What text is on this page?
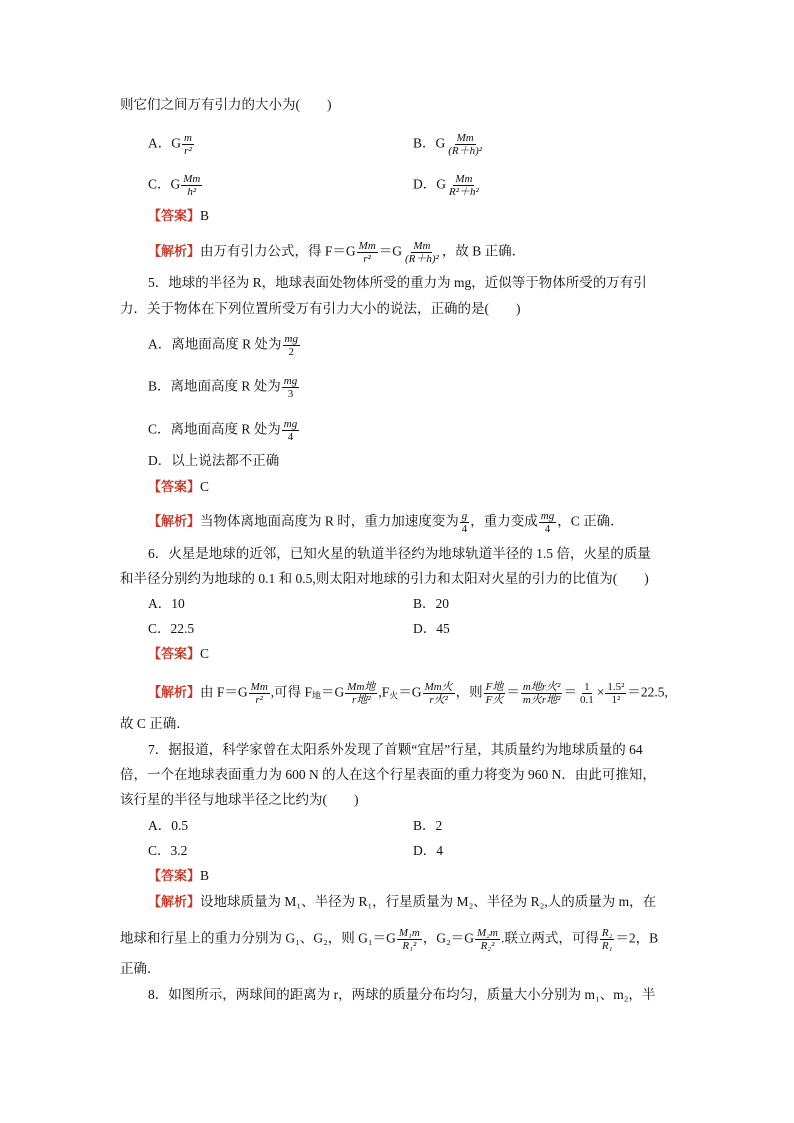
则它们之间万有引力的大小为(　　)
A．G $\frac{m}{\text{r²}}$	B．G $\frac{Mm}{\text{(R＋h)²}}$
C．G $\frac{Mm}{\text{h²}}$	D．G $\frac{Mm}{\text{R²＋h²}}$
【答案】B
【解析】由万有引力公式，得 $F=G \frac{Mm}{\text{r²}} =G \frac{Mm}{\text{(R＋h)²}}$ ，故 B 正确．
5．地球的半径为 R，地球表面处物体所受的重力为 mg，近似等于物体所受的万有引
力．关于物体在下列位置所受万有引力大小的说法，正确的是(　　)
A．离地面高度 R 处为 $\frac{mg}{2}$
B．离地面高度 R 处为 $\frac{mg}{3}$
C．离地面高度 R 处为 $\frac{mg}{4}$
D．以上说法都不正确
【答案】C
【解析】当物体离地面高度为 R 时，重力加速度变为 $\frac{g}{4}$ ，重力变成 $\frac{mg}{4}$ ，C 正确．
6．火星是地球的近邻，已知火星的轨道半径约为地球轨道半径的 1.5 倍，火星的质量
和半径分别约为地球的 0.1 和 0.5,则太阳对地球的引力和太阳对火星的引力的比值为(　　)
A．10	B．20
C．22.5	D．45
【答案】C
【解析】由 $F=G \frac{Mm}{\text{r²}}$ ,可得 $F_地=G \frac{\text{Mm地}}{\text{r地²}} ,F_火=G \frac{\text{Mm火}}{\text{r火²}}$ ，则 $\frac{\text{F地}}{\text{F火}} = \frac{\text{m地r火²}}{\text{m火r地²}} = \frac{1}{0.1} \times \frac{\text{1.5²}}{\text{1²}} =22.5$,
故 C 正确．
7．据报道，科学家曾在太阳系外发现了首颗“宜居”行星，其质量约为地球质量的 64
倍，一个在地球表面重力为 600 N 的人在这个行星表面的重力将变为 960 N．由此可推知，
该行星的半径与地球半径之比约为(　　)
A．0.5	B．2
C．3.2	D．4
【答案】B
【解析】设地球质量为 M₁、半径为 R₁，行星质量为 M₂、半径为 R₂,人的质量为 m，在
地球和行星上的重力分别为 G₁、G₂，则 $G_1=G \frac{\text{M₁m}}{\text{R₁²}}$ ，$G_2=G \frac{\text{M₂m}}{\text{R₂²}}$ .联立两式，可得 $\frac{\text{R₂}}{\text{R₁}} =2$，B
正确．
8．如图所示，两球间的距离为 r，两球的质量分布均匀，质量大小分别为 m₁、m₂，半
